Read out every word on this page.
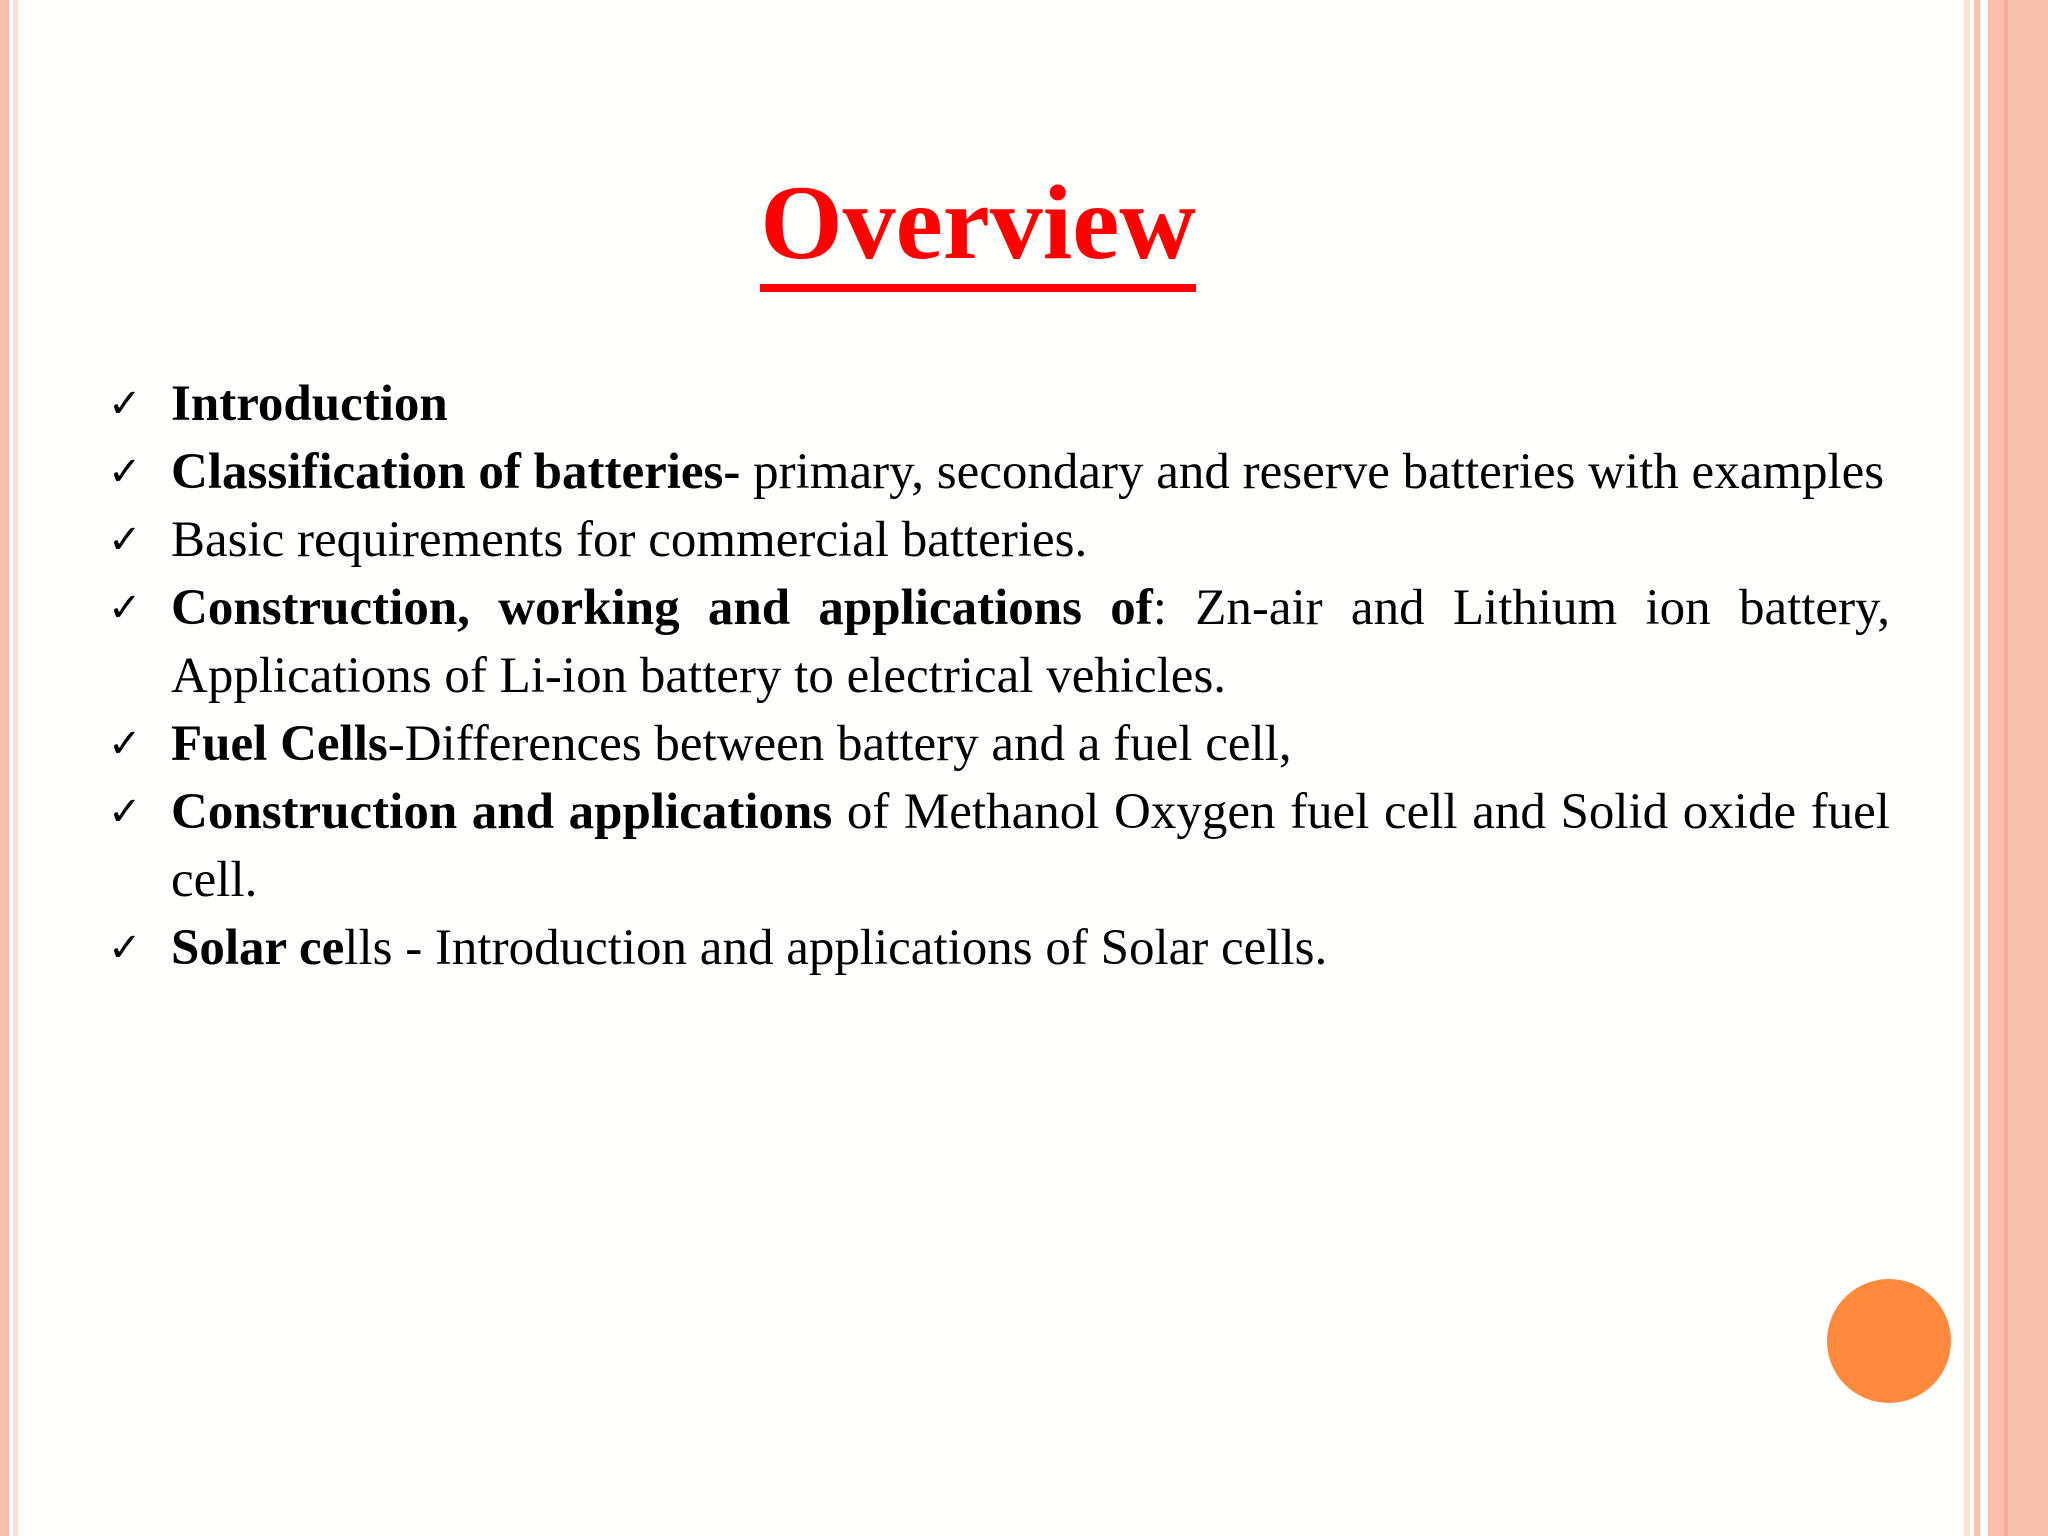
Overview
✓ Introduction
✓ Classification of batteries- primary, secondary and reserve batteries with examples
✓ Basic requirements for commercial batteries.
✓ Construction, working and applications of: Zn-air and Lithium ion battery, Applications of Li-ion battery to electrical vehicles.
✓ Fuel Cells-Differences between battery and a fuel cell,
✓ Construction and applications of Methanol Oxygen fuel cell and Solid oxide fuel cell.
✓ Solar cells - Introduction and applications of Solar cells.
